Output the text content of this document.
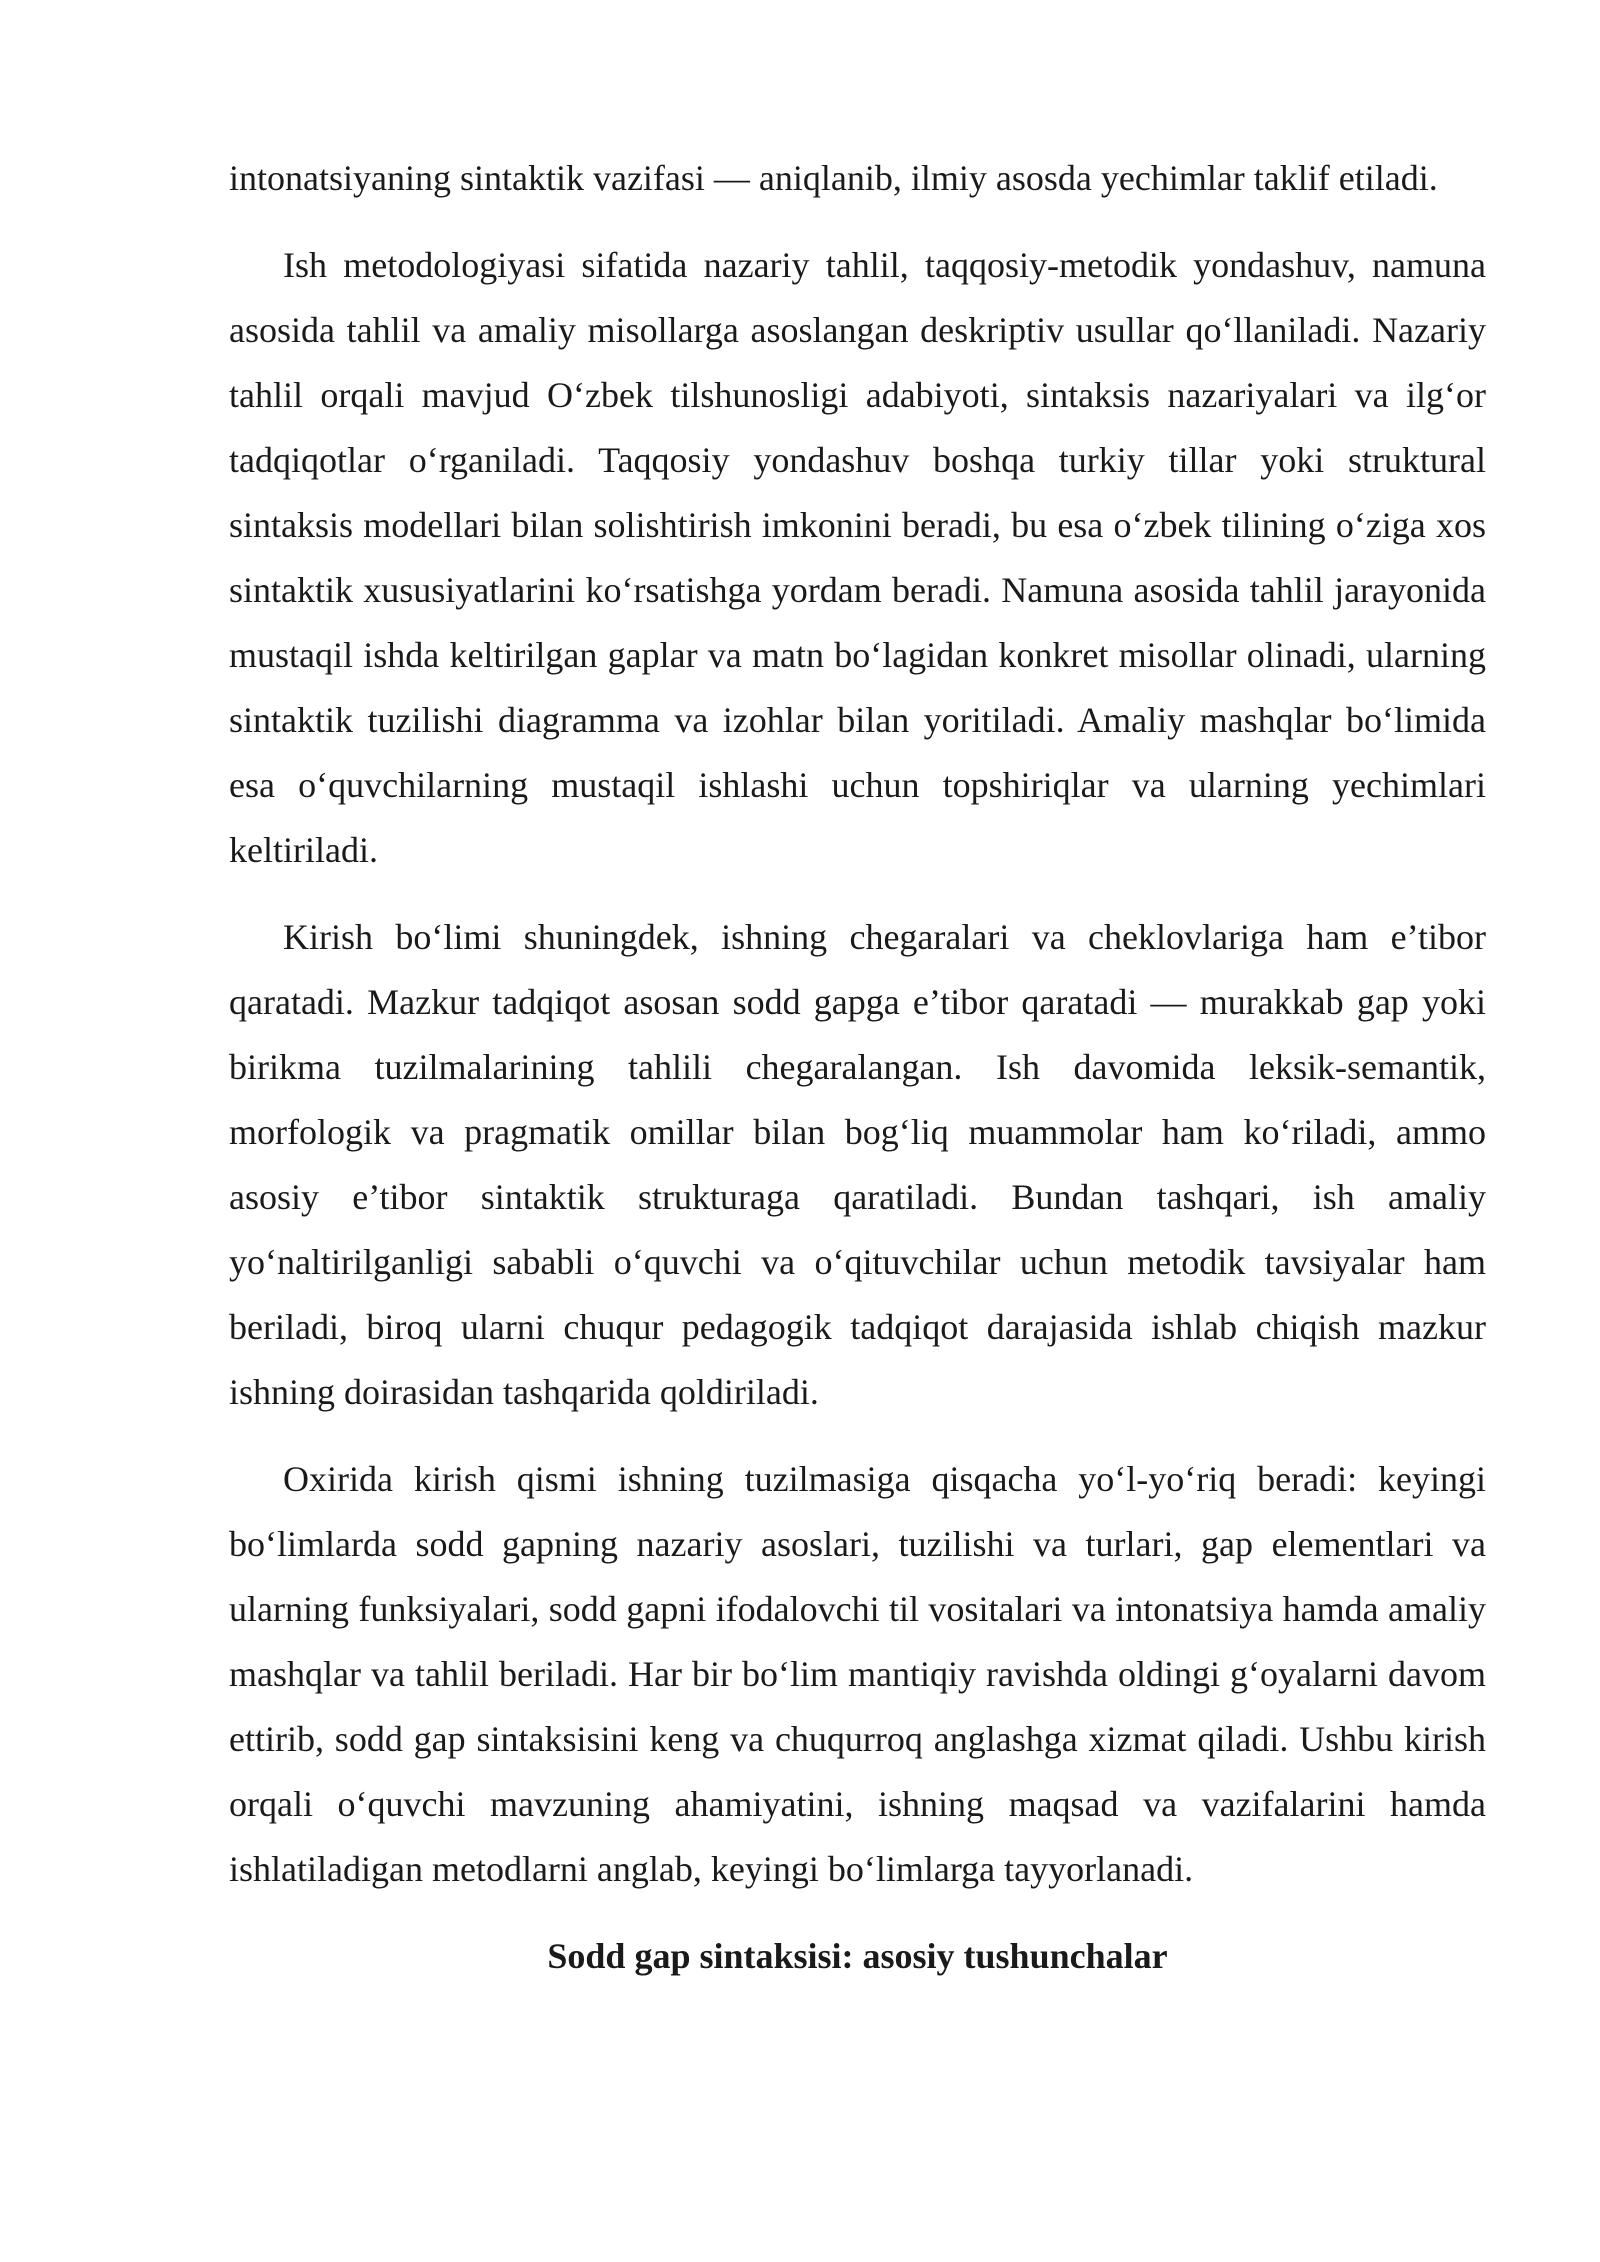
intonatsiyaning sintaktik vazifasi — aniqlanib, ilmiy asosda yechimlar taklif etiladi.

Ish metodologiyasi sifatida nazariy tahlil, taqqosiy-metodik yondashuv, namuna asosida tahlil va amaliy misollarga asoslangan deskriptiv usullar qoʻllaniladi. Nazariy tahlil orqali mavjud Oʻzbek tilshunosligi adabiyoti, sintaksis nazariyalari va ilgʻor tadqiqotlar oʻrganiladi. Taqqosiy yondashuv boshqa turkiy tillar yoki struktural sintaksis modellari bilan solishtirish imkonini beradi, bu esa oʻzbek tilining oʻziga xos sintaktik xususiyatlarini koʻrsatishga yordam beradi. Namuna asosida tahlil jarayonida mustaqil ishda keltirilgan gaplar va matn boʻlagidan konkret misollar olinadi, ularning sintaktik tuzilishi diagramma va izohlar bilan yoritiladi. Amaliy mashqlar boʻlimida esa oʻquvchilarning mustaqil ishlashi uchun topshiriqlar va ularning yechimlari keltiriladi.

Kirish boʻlimi shuningdek, ishning chegaralari va cheklovlariga ham e’tibor qaratadi. Mazkur tadqiqot asosan sodd gapga e’tibor qaratadi — murakkab gap yoki birikma tuzilmalarining tahlili chegaralangan. Ish davomida leksik-semantik, morfologik va pragmatik omillar bilan bogʻliq muammolar ham koʻriladi, ammo asosiy e’tibor sintaktik strukturaga qaratiladi. Bundan tashqari, ish amaliy yoʻnaltirilganligi sababli oʻquvchi va oʻqituvchilar uchun metodik tavsiyalar ham beriladi, biroq ularni chuqur pedagogik tadqiqot darajasida ishlab chiqish mazkur ishning doirasidan tashqarida qoldiriladi.

Oxirida kirish qismi ishning tuzilmasiga qisqacha yoʻl-yoʻriq beradi: keyingi boʻlimlarda sodd gapning nazariy asoslari, tuzilishi va turlari, gap elementlari va ularning funksiyalari, sodd gapni ifodalovchi til vositalari va intonatsiya hamda amaliy mashqlar va tahlil beriladi. Har bir boʻlim mantiqiy ravishda oldingi gʻoyalarni davom ettirib, sodd gap sintaksisini keng va chuqurroq anglashga xizmat qiladi. Ushbu kirish orqali oʻquvchi mavzuning ahamiyatini, ishning maqsad va vazifalarini hamda ishlatiladigan metodlarni anglab, keyingi boʻlimlarga tayyorlanadi.

Sodd gap sintaksisi: asosiy tushunchalar
